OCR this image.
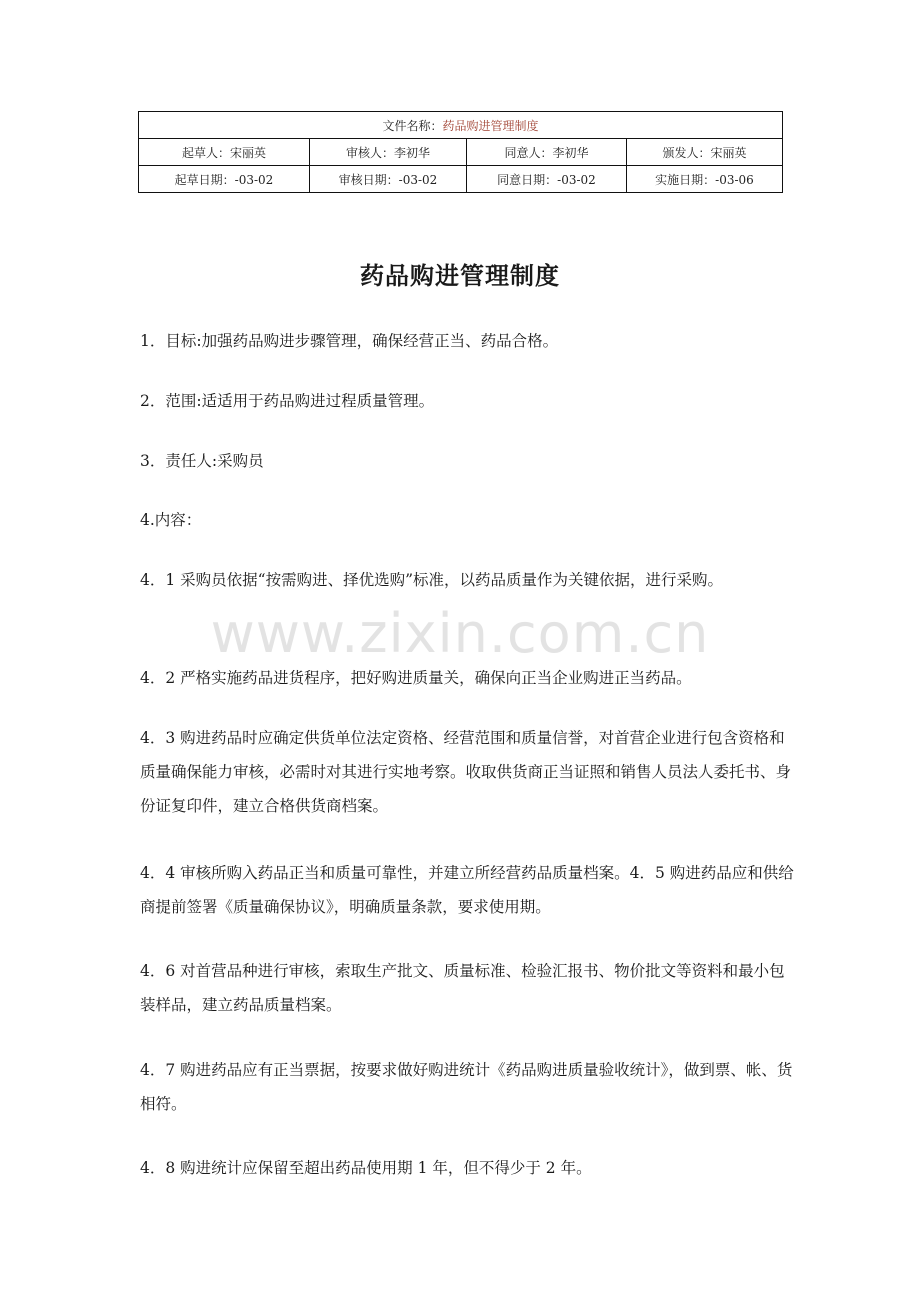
文件名称：药品购进管理制度			
起草人：宋丽英	审核人：李初华	同意人：李初华	颁发人：宋丽英
起草日期：-03-02	审核日期：-03-02	同意日期：-03-02	实施日期：-03-06
药品购进管理制度

1．目标:加强药品购进步骤管理，确保经营正当、药品合格。

2．范围:适适用于药品购进过程质量管理。

3．责任人:采购员

4.内容：

4．1 采购员依据“按需购进、择优选购”标准，以药品质量作为关键依据，进行采购。

4．2 严格实施药品进货程序，把好购进质量关，确保向正当企业购进正当药品。

4．3 购进药品时应确定供货单位法定资格、经营范围和质量信誉，对首营企业进行包含资格和质量确保能力审核，必需时对其进行实地考察。收取供货商正当证照和销售人员法人委托书、身份证复印件，建立合格供货商档案。

4．4 审核所购入药品正当和质量可靠性，并建立所经营药品质量档案。4．5 购进药品应和供给商提前签署《质量确保协议》，明确质量条款，要求使用期。

4．6 对首营品种进行审核，索取生产批文、质量标准、检验汇报书、物价批文等资料和最小包装样品，建立药品质量档案。

4．7 购进药品应有正当票据，按要求做好购进统计《药品购进质量验收统计》，做到票、帐、货相符。

4．8 购进统计应保留至超出药品使用期 1 年，但不得少于 2 年。

www.zixin.com.cn
